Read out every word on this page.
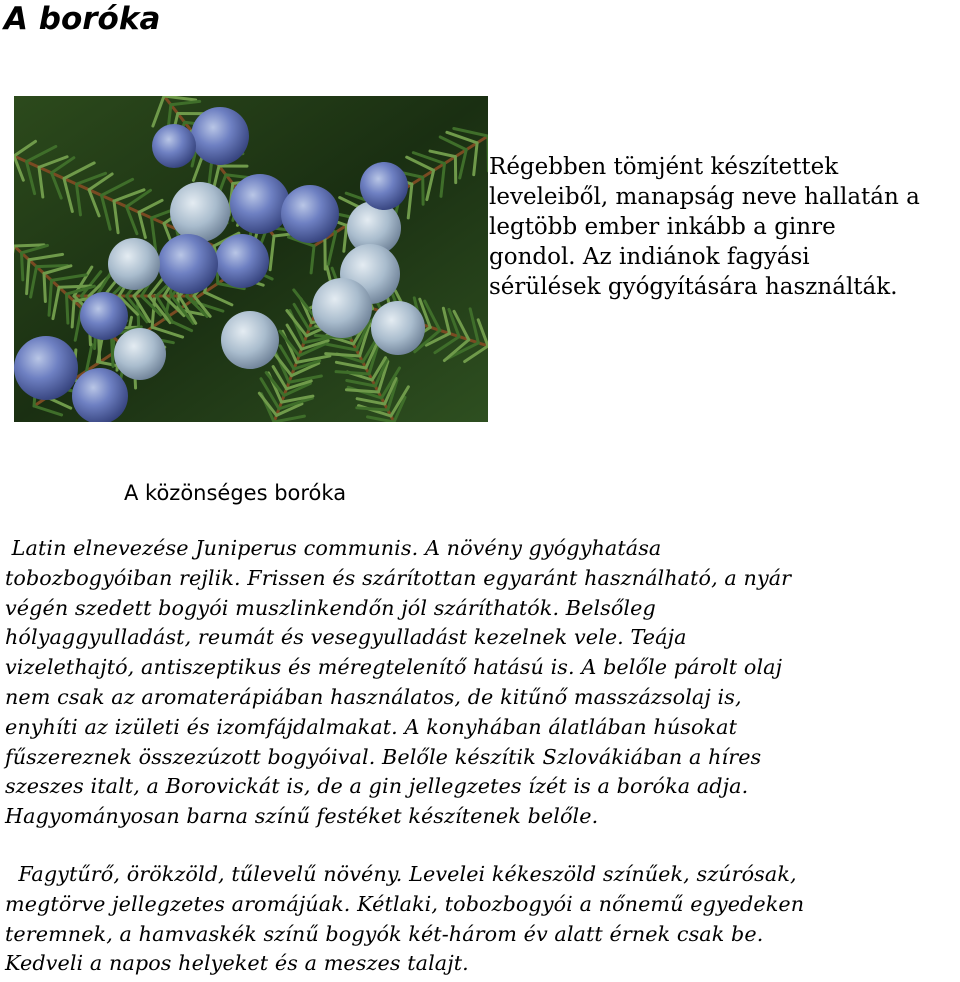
A boróka
Régebben tömjént készítettek
leveleiből, manapság neve hallatán a
legtöbb ember inkább a ginre
gondol. Az indiánok fagyási
sérülések gyógyítására használták.

A közönséges boróka

Latin elnevezése Juniperus communis. A növény gyógyhatása
tobozbogyóiban rejlik. Frissen és szárítottan egyaránt használható, a nyár
végén szedett bogyói muszlinkendőn jól száríthatók. Belsőleg
hólyaggyulladást, reumát és vesegyulladást kezelnek vele. Teája
vizelethajtó, antiszeptikus és méregtelenítő hatású is. A belőle párolt olaj
nem csak az aromaterápiában használatos, de kitűnő masszázsolaj is,
enyhíti az izületi és izomfájdalmakat. A konyhában álatlában húsokat
fűszereznek összezúzott bogyóival. Belőle készítik Szlovákiában a híres
szeszes italt, a Borovickát is, de a gin jellegzetes ízét is a boróka adja.
Hagyományosan barna színű festéket készítenek belőle.
Fagytűrő, örökzöld, tűlevelű növény. Levelei kékeszöld színűek, szúrósak,
megtörve jellegzetes aromájúak. Kétlaki, tobozbogyói a nőnemű egyedeken
teremnek, a hamvaskék színű bogyók két-három év alatt érnek csak be.
Kedveli a napos helyeket és a meszes talajt.
